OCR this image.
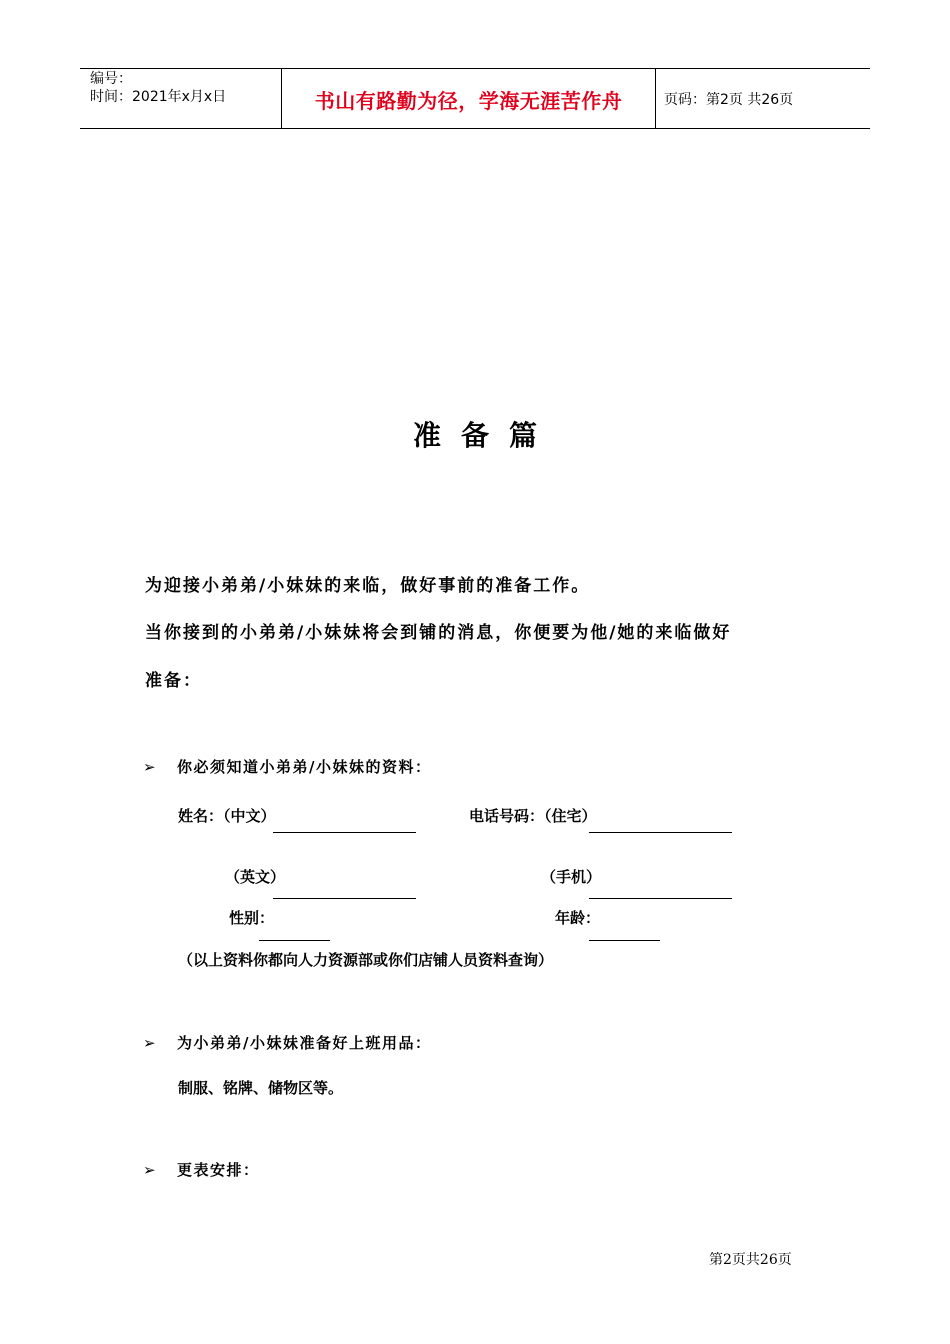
编号：
时间：2021年x月x日	书山有路勤为径，学海无涯苦作舟	页码：第2页 共26页
准备篇
为迎接小弟弟/小妹妹的来临，做好事前的准备工作。
当你接到的小弟弟/小妹妹将会到铺的消息，你便要为他/她的来临做好
准备：
➢ 你必须知道小弟弟/小妹妹的资料：
姓名：（中文）	电话号码：（住宅）
（英文）	（手机）
性别：	年龄：
（以上资料你都向人力资源部或你们店铺人员资料查询）
➢ 为小弟弟/小妹妹准备好上班用品：
制服、铭牌、储物区等。
➢ 更表安排：
第2页共26页
